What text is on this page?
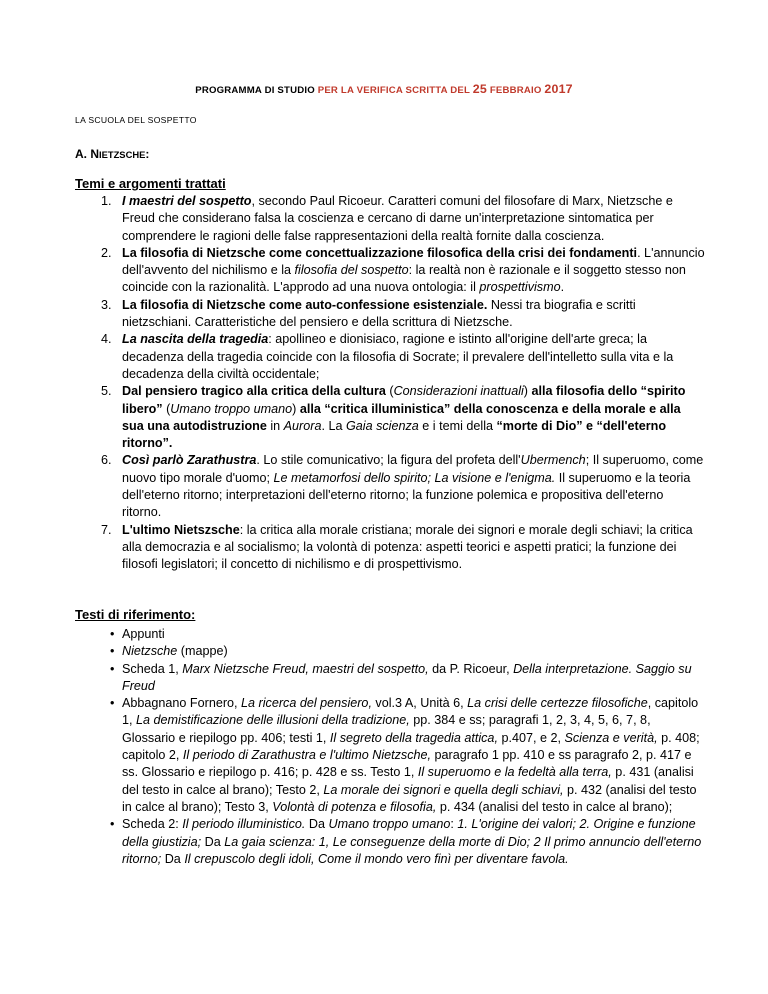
PROGRAMMA DI STUDIO PER LA VERIFICA SCRITTA DEL 25 FEBBRAIO 2017
LA SCUOLA DEL SOSPETTO
A. NIETZSCHE:
Temi e argomenti trattati
1. I maestri del sospetto, secondo Paul Ricoeur. Caratteri comuni del filosofare di Marx, Nietzsche e Freud che considerano falsa la coscienza e cercano di darne un'interpretazione sintomatica per comprendere le ragioni delle false rappresentazioni della realtà fornite dalla coscienza.
2. La filosofia di Nietzsche come concettualizzazione filosofica della crisi dei fondamenti. L'annuncio dell'avvento del nichilismo e la filosofia del sospetto: la realtà non è razionale e il soggetto stesso non coincide con la razionalità. L'approdo ad una nuova ontologia: il prospettivismo.
3. La filosofia di Nietzsche come auto-confessione esistenziale. Nessi tra biografia e scritti nietzschiani. Caratteristiche del pensiero e della scrittura di Nietzsche.
4. La nascita della tragedia: apollineo e dionisiaco, ragione e istinto all'origine dell'arte greca; la decadenza della tragedia coincide con la filosofia di Socrate; il prevalere dell'intelletto sulla vita e la decadenza della civiltà occidentale;
5. Dal pensiero tragico alla critica della cultura (Considerazioni inattuali) alla filosofia dello “spirito libero” (Umano troppo umano) alla “critica illuministica” della conoscenza e della morale e alla sua una autodistruzione in Aurora. La Gaia scienza e i temi della “morte di Dio” e “dell'eterno ritorno”.
6. Così parlò Zarathustra. Lo stile comunicativo; la figura del profeta dell'Ubermench; Il superuomo, come nuovo tipo morale d'uomo; Le metamorfosi dello spirito; La visione e l'enigma. Il superuomo e la teoria dell'eterno ritorno; interpretazioni dell'eterno ritorno; la funzione polemica e propositiva dell'eterno ritorno.
7. L'ultimo Nietszsche: la critica alla morale cristiana; morale dei signori e morale degli schiavi; la critica alla democrazia e al socialismo; la volontà di potenza: aspetti teorici e aspetti pratici; la funzione dei filosofi legislatori; il concetto di nichilismo e di prospettivismo.
Testi di riferimento:
• Appunti
• Nietzsche (mappe)
• Scheda 1, Marx Nietzsche Freud, maestri del sospetto, da P. Ricoeur, Della interpretazione. Saggio su Freud
• Abbagnano Fornero, La ricerca del pensiero, vol.3 A, Unità 6, La crisi delle certezze filosofiche, capitolo 1, La demistificazione delle illusioni della tradizione, pp. 384 e ss; paragrafi 1, 2, 3, 4, 5, 6, 7, 8, Glossario e riepilogo pp. 406; testi 1, Il segreto della tragedia attica, p.407, e 2, Scienza e verità, p. 408; capitolo 2, Il periodo di Zarathustra e l'ultimo Nietzsche, paragrafo 1 pp. 410 e ss paragrafo 2, p. 417 e ss. Glossario e riepilogo p. 416; p. 428 e ss. Testo 1, Il superuomo e la fedeltà alla terra, p. 431 (analisi del testo in calce al brano); Testo 2, La morale dei signori e quella degli schiavi, p. 432 (analisi del testo in calce al brano); Testo 3, Volontà di potenza e filosofia, p. 434 (analisi del testo in calce al brano);
• Scheda 2: Il periodo illuministico. Da Umano troppo umano: 1. L'origine dei valori; 2. Origine e funzione della giustizia; Da La gaia scienza: 1, Le conseguenze della morte di Dio; 2 Il primo annuncio dell'eterno ritorno; Da Il crepuscolo degli idoli, Come il mondo vero finì per diventare favola.
